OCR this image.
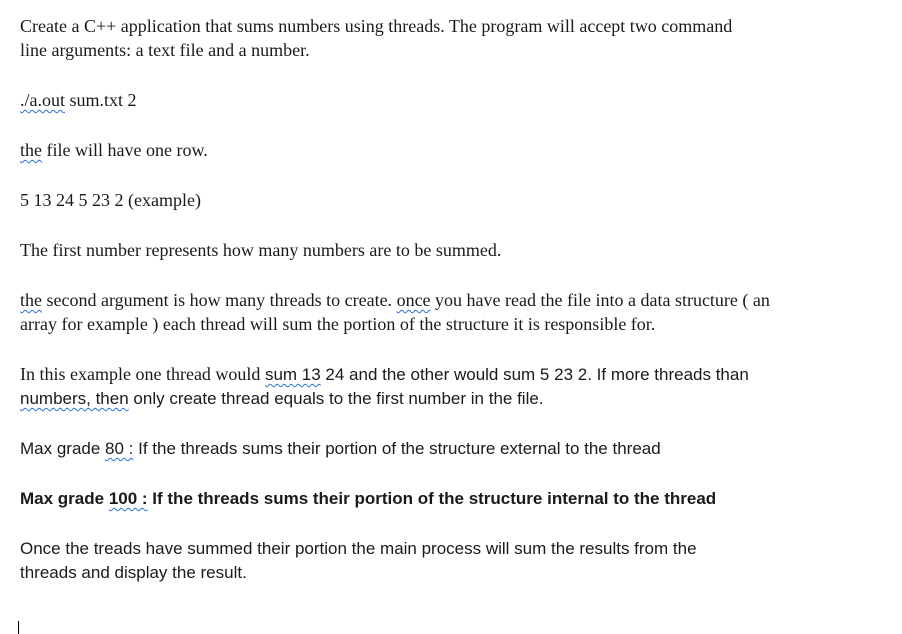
Create a C++ application that sums numbers using threads. The program will accept two command

line arguments: a text file and a number.

./a.out sum.txt 2

the file will have one row.

5 13 24 5 23 2 (example)

The first number represents how many numbers are to be summed.

the second argument is how many threads to create. once you have read the file into a data structure ( an

array for example ) each thread will sum the portion of the structure it is responsible for.

In this example one thread would sum 13 24 and the other would sum 5 23 2. If more threads than

numbers, then only create thread equals to the first number in the file.

Max grade 80 : If the threads sums their portion of the structure external to the thread

Max grade 100 : If the threads sums their portion of the structure internal to the thread

Once the treads have summed their portion the main process will sum the results from the

threads and display the result.
